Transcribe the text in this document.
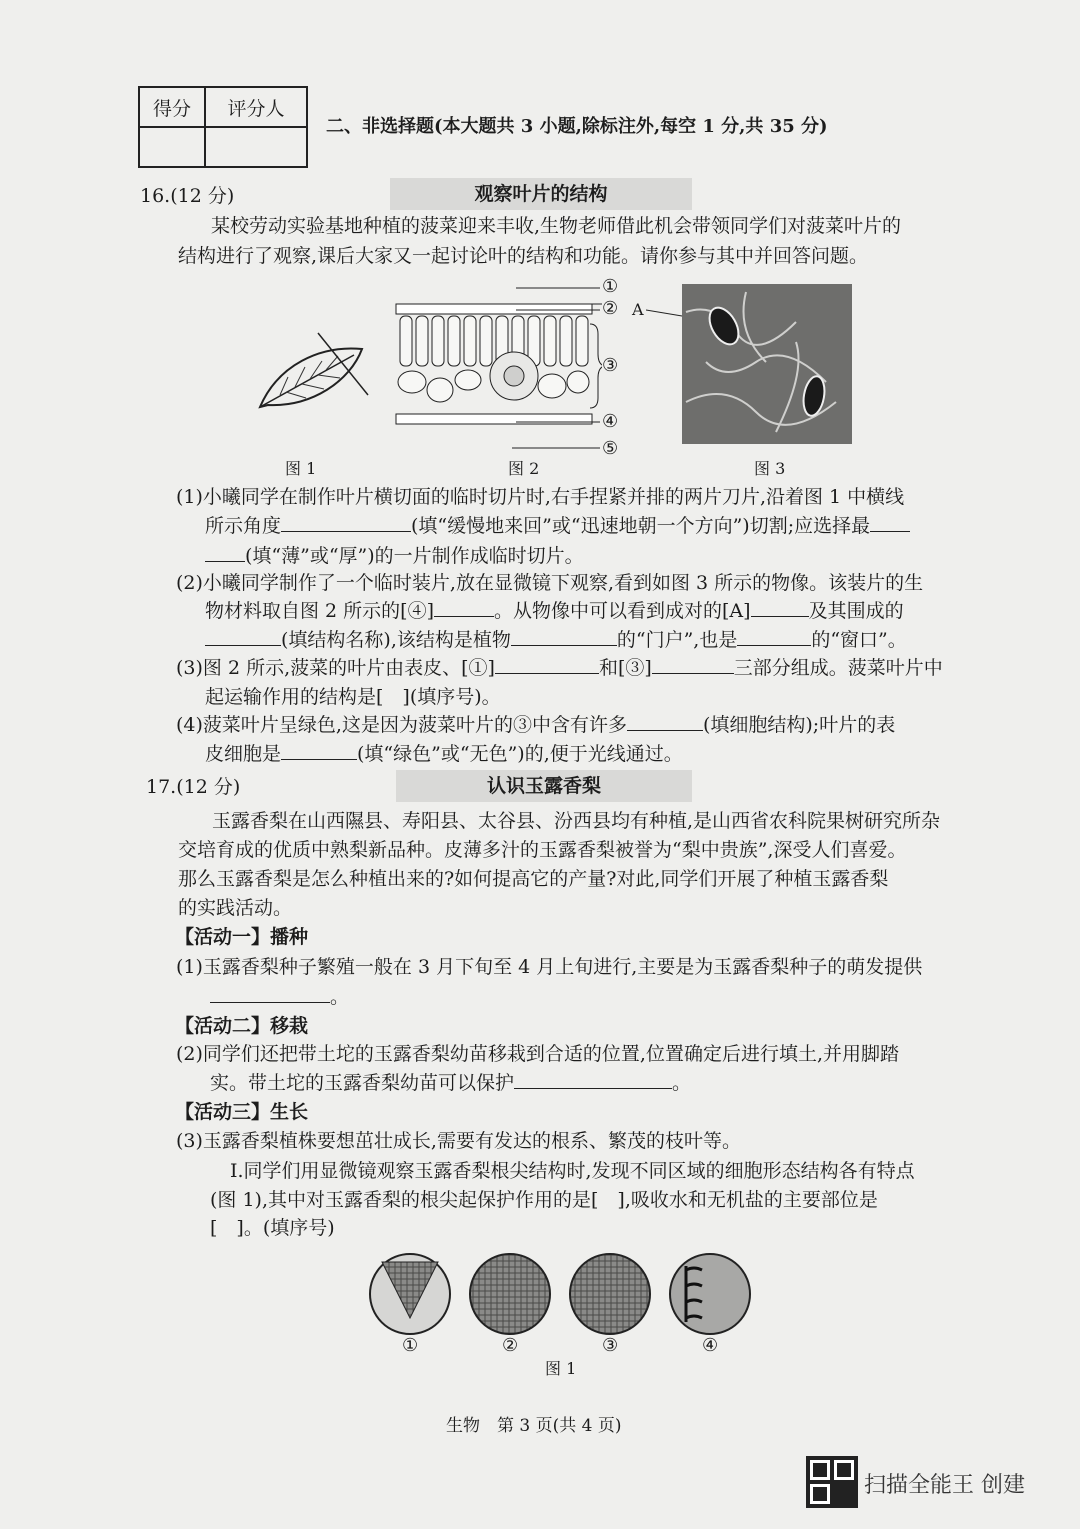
得分	评分人

二、非选择题(本大题共 3 小题,除标注外,每空 1 分,共 35 分)
16.(12 分)	观察叶片的结构
某校劳动实验基地种植的菠菜迎来丰收,生物老师借此机会带领同学们对菠菜叶片的
结构进行了观察,课后大家又一起讨论叶的结构和功能。请你参与其中并回答问题。
图 1
①
②
③
④
⑤
图 2
A
图 3
(1)小曦同学在制作叶片横切面的临时切片时,右手捏紧并排的两片刀片,沿着图 1 中横线
所示角度	(填“缓慢地来回”或“迅速地朝一个方向”)切割;应选择最
(填“薄”或“厚”)的一片制作成临时切片。
(2)小曦同学制作了一个临时装片,放在显微镜下观察,看到如图 3 所示的物像。该装片的生
物材料取自图 2 所示的[④]	。从物像中可以看到成对的[A]	及其围成的
(填结构名称),该结构是植物	的“门户”,也是	的“窗口”。
(3)图 2 所示,菠菜的叶片由表皮、[①]	和[③]	三部分组成。菠菜叶片中
起运输作用的结构是[　](填序号)。
(4)菠菜叶片呈绿色,这是因为菠菜叶片的③中含有许多	(填细胞结构);叶片的表
皮细胞是	(填“绿色”或“无色”)的,便于光线通过。
17.(12 分)	认识玉露香梨
玉露香梨在山西隰县、寿阳县、太谷县、汾西县均有种植,是山西省农科院果树研究所杂
交培育成的优质中熟梨新品种。皮薄多汁的玉露香梨被誉为“梨中贵族”,深受人们喜爱。
那么玉露香梨是怎么种植出来的?如何提高它的产量?对此,同学们开展了种植玉露香梨
的实践活动。
【活动一】播种
(1)玉露香梨种子繁殖一般在 3 月下旬至 4 月上旬进行,主要是为玉露香梨种子的萌发提供
。
【活动二】移栽
(2)同学们还把带土坨的玉露香梨幼苗移栽到合适的位置,位置确定后进行填土,并用脚踏
实。带土坨的玉露香梨幼苗可以保护	。
【活动三】生长
(3)玉露香梨植株要想茁壮成长,需要有发达的根系、繁茂的枝叶等。
Ⅰ.同学们用显微镜观察玉露香梨根尖结构时,发现不同区域的细胞形态结构各有特点
(图 1),其中对玉露香梨的根尖起保护作用的是[　],吸收水和无机盐的主要部位是
[　]。(填序号)
①	②	③	④
图 1
生物　第 3 页(共 4 页)
扫描全能王 创建
